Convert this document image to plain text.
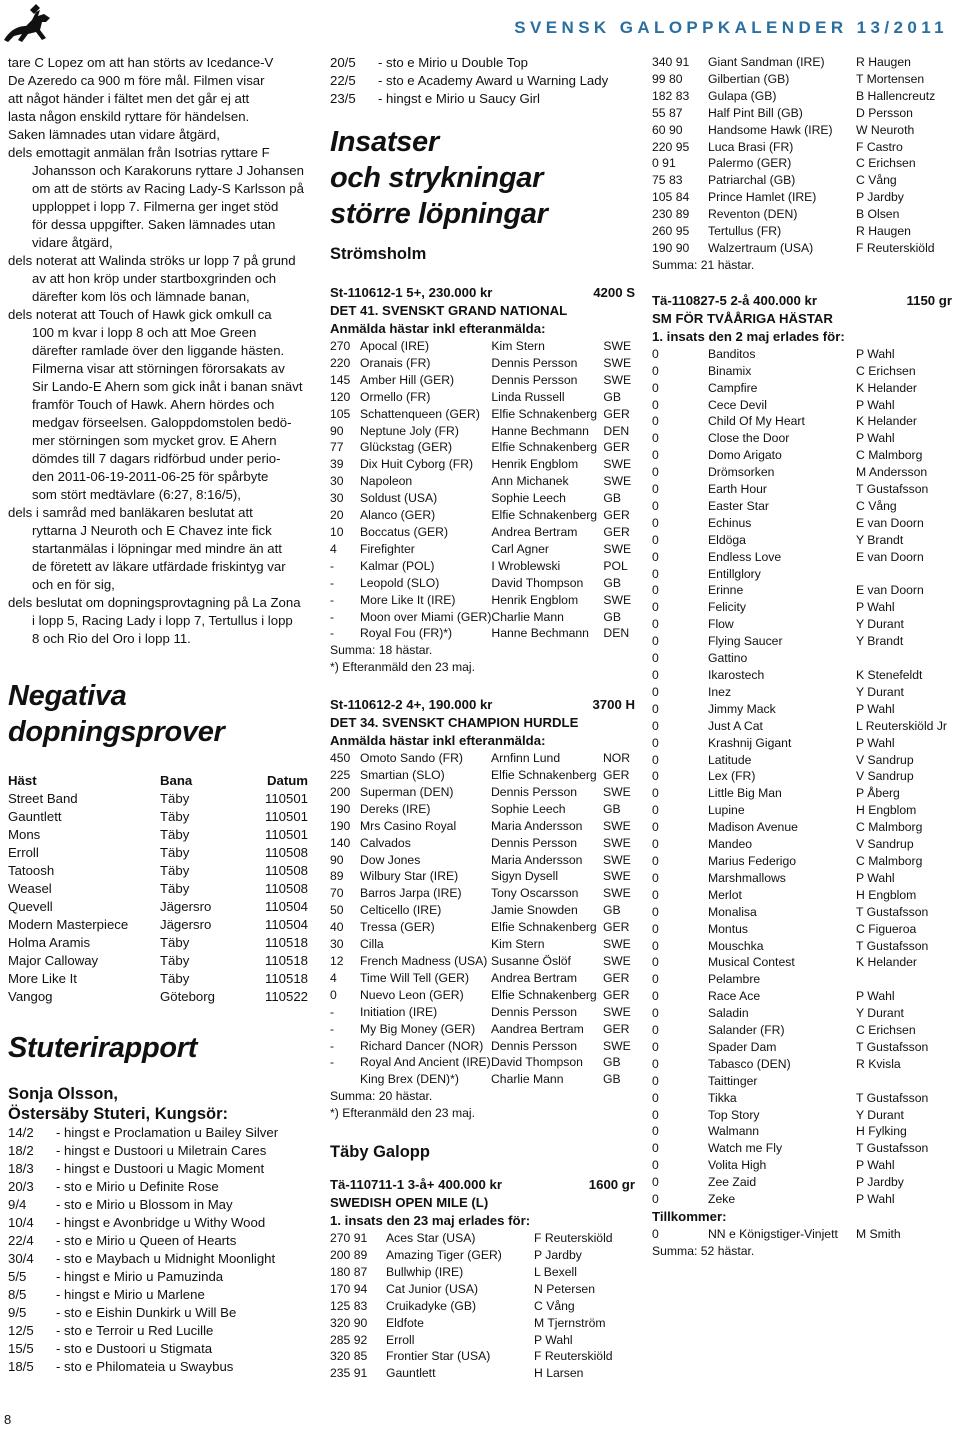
SVENSK GALOPPKALENDER 13/2011
tare C Lopez om att han störts av Icedance-V
De Azeredo ca 900 m före mål. Filmen visar
att något händer i fältet men det går ej att
lasta någon enskild ryttare för händelsen.
Saken lämnades utan vidare åtgärd,
dels emottagit anmälan från Isotrias ryttare F
Johansson och Karakoruns ryttare J Johansen
om att de störts av Racing Lady-S Karlsson på
upploppet i lopp 7. Filmerna ger inget stöd
för dessa uppgifter. Saken lämnades utan
vidare åtgärd,
dels noterat att Walinda ströks ur lopp 7 på grund
av att hon kröp under startboxgrinden och
därefter kom lös och lämnade banan,
dels noterat att Touch of Hawk gick omkull ca
100 m kvar i lopp 8 och att Moe Green
därefter ramlade över den liggande hästen.
Filmerna visar att störningen förorsakats av
Sir Lando-E Ahern som gick inåt i banan snävt
framför Touch of Hawk. Ahern hördes och
medgav förseelsen. Galoppdomstolen bedö-
mer störningen som mycket grov. E Ahern
dömdes till 7 dagars ridförbud under perio-
den 2011-06-19-2011-06-25 för spårbyte
som stört medtävlare (6:27, 8:16/5),
dels i samråd med banläkaren beslutat att
ryttarna J Neuroth och E Chavez inte fick
startanmälas i löpningar med mindre än att
de företett av läkare utfärdade friskintyg var
och en för sig,
dels beslutat om dopningsprovtagning på La Zona
i lopp 5, Racing Lady i lopp 7, Tertullus i lopp
8 och Rio del Oro i lopp 11.

Negativa

dopningsprover

Häst	Bana	Datum
Street Band	Täby	110501
Gauntlett	Täby	110501
Mons	Täby	110501
Erroll	Täby	110508
Tatoosh	Täby	110508
Weasel	Täby	110508
Quevell	Jägersro	110504
Modern Masterpiece	Jägersro	110504
Holma Aramis	Täby	110518
Major Calloway	Täby	110518
More Like It	Täby	110518
Vangog	Göteborg	110522

Stuterirapport

Sonja Olsson,
Östersäby Stuteri, Kungsör:
14/2	- hingst e Proclamation u Bailey Silver
18/2	- hingst e Dustoori u Miletrain Cares
18/3	- hingst e Dustoori u Magic Moment
20/3	- sto e Mirio u Definite Rose
9/4	- sto e Mirio u Blossom in May
10/4	- hingst e Avonbridge u Withy Wood
22/4	- sto e Mirio u Queen of Hearts
30/4	- sto e Maybach u Midnight Moonlight
5/5	- hingst e Mirio u Pamuzinda
8/5	- hingst e Mirio u Marlene
9/5	- sto e Eishin Dunkirk u Will Be
12/5	- sto e Terroir u Red Lucille
15/5	- sto e Dustoori u Stigmata
18/5	- sto e Philomateia u Swaybus
20/5	- sto e Mirio u Double Top
22/5	- sto e Academy Award u Warning Lady
23/5	- hingst e Mirio u Saucy Girl

Insatser

och strykningar

större löpningar

Strömsholm
St-110612-1 5+, 230.000 kr	4200 S
DET 41. SVENSKT GRAND NATIONAL
Anmälda hästar inkl efteranmälda:
270	Apocal (IRE)	Kim Stern	SWE
220	Oranais (FR)	Dennis Persson	SWE
145	Amber Hill (GER)	Dennis Persson	SWE
120	Ormello (FR)	Linda Russell	GB
105	Schattenqueen (GER)	Elfie Schnakenberg	GER
90	Neptune Joly (FR)	Hanne Bechmann	DEN
77	Glückstag (GER)	Elfie Schnakenberg	GER
39	Dix Huit Cyborg (FR)	Henrik Engblom	SWE
30	Napoleon	Ann Michanek	SWE
30	Soldust (USA)	Sophie Leech	GB
20	Alanco (GER)	Elfie Schnakenberg	GER
10	Boccatus (GER)	Andrea Bertram	GER
4	Firefighter	Carl Agner	SWE
-	Kalmar (POL)	I Wroblewski	POL
-	Leopold (SLO)	David Thompson	GB
-	More Like It (IRE)	Henrik Engblom	SWE
-	Moon over Miami (GER)	Charlie Mann	GB
-	Royal Fou (FR)*)	Hanne Bechmann	DEN
Summa: 18 hästar.
*) Efteranmäld den 23 maj.
St-110612-2 4+, 190.000 kr	3700 H
DET 34. SVENSKT CHAMPION HURDLE
Anmälda hästar inkl efteranmälda:
450	Omoto Sando (FR)	Arnfinn Lund	NOR
225	Smartian (SLO)	Elfie Schnakenberg	GER
200	Superman (DEN)	Dennis Persson	SWE
190	Dereks (IRE)	Sophie Leech	GB
190	Mrs Casino Royal	Maria Andersson	SWE
140	Calvados	Dennis Persson	SWE
90	Dow Jones	Maria Andersson	SWE
89	Wilbury Star (IRE)	Sigyn Dysell	SWE
70	Barros Jarpa (IRE)	Tony Oscarsson	SWE
50	Celticello (IRE)	Jamie Snowden	GB
40	Tressa (GER)	Elfie Schnakenberg	GER
30	Cilla	Kim Stern	SWE
12	French Madness (USA)	Susanne Öslöf	SWE
4	Time Will Tell (GER)	Andrea Bertram	GER
0	Nuevo Leon (GER)	Elfie Schnakenberg	GER
-	Initiation (IRE)	Dennis Persson	SWE
-	My Big Money (GER)	Aandrea Bertram	GER
-	Richard Dancer (NOR)	Dennis Persson	SWE
-	Royal And Ancient (IRE)	David Thompson	GB
	King Brex (DEN)*)	Charlie Mann	GB
Summa: 20 hästar.
*) Efteranmäld den 23 maj.
Täby Galopp
Tä-110711-1 3-å+ 400.000 kr	1600 gr
SWEDISH OPEN MILE (L)
1. insats den 23 maj erlades för:
270 91	Aces Star (USA)	F Reuterskiöld
200 89	Amazing Tiger (GER)	P Jardby
180 87	Bullwhip (IRE)	L Bexell
170 94	Cat Junior (USA)	N Petersen
125 83	Cruikadyke (GB)	C Vång
320 90	Eldfote	M Tjernström
285 92	Erroll	P Wahl
320 85	Frontier Star (USA)	F Reuterskiöld
235 91	Gauntlett	H Larsen
340 91	Giant Sandman (IRE)	R Haugen
99 80	Gilbertian (GB)	T Mortensen
182 83	Gulapa (GB)	B Hallencreutz
55 87	Half Pint Bill (GB)	D Persson
60 90	Handsome Hawk (IRE)	W Neuroth
220 95	Luca Brasi (FR)	F Castro
0 91	Palermo (GER)	C Erichsen
75 83	Patriarchal (GB)	C Vång
105 84	Prince Hamlet (IRE)	P Jardby
230 89	Reventon (DEN)	B Olsen
260 95	Tertullus (FR)	R Haugen
190 90	Walzertraum (USA)	F Reuterskiöld
Summa: 21 hästar.
Tä-110827-5 2-å 400.000 kr	1150 gr
SM FÖR TVÅÅRIGA HÄSTAR
1. insats den 2 maj erlades för:
0	Banditos	P Wahl
0	Binamix	C Erichsen
0	Campfire	K Helander
0	Cece Devil	P Wahl
0	Child Of My Heart	K Helander
0	Close the Door	P Wahl
0	Domo Arigato	C Malmborg
0	Drömsorken	M Andersson
0	Earth Hour	T Gustafsson
0	Easter Star	C Vång
0	Echinus	E van Doorn
0	Eldöga	Y Brandt
0	Endless Love	E van Doorn
0	Entillglory	
0	Erinne	E van Doorn
0	Felicity	P Wahl
0	Flow	Y Durant
0	Flying Saucer	Y Brandt
0	Gattino	
0	Ikarostech	K Stenefeldt
0	Inez	Y Durant
0	Jimmy Mack	P Wahl
0	Just A Cat	L Reuterskiöld Jr
0	Krashnij Gigant	P Wahl
0	Latitude	V Sandrup
0	Lex (FR)	V Sandrup
0	Little Big Man	P Åberg
0	Lupine	H Engblom
0	Madison Avenue	C Malmborg
0	Mandeo	V Sandrup
0	Marius Federigo	C Malmborg
0	Marshmallows	P Wahl
0	Merlot	H Engblom
0	Monalisa	T Gustafsson
0	Montus	C Figueroa
0	Mouschka	T Gustafsson
0	Musical Contest	K Helander
0	Pelambre	
0	Race Ace	P Wahl
0	Saladin	Y Durant
0	Salander (FR)	C Erichsen
0	Spader Dam	T Gustafsson
0	Tabasco (DEN)	R Kvisla
0	Taittinger	
0	Tikka	T Gustafsson
0	Top Story	Y Durant
0	Walmann	H Fylking
0	Watch me Fly	T Gustafsson
0	Volita High	P Wahl
0	Zee Zaid	P Jardby
0	Zeke	P Wahl
Tillkommer:
0	NN e Königstiger-Vinjett	M Smith
Summa: 52 hästar.
8
